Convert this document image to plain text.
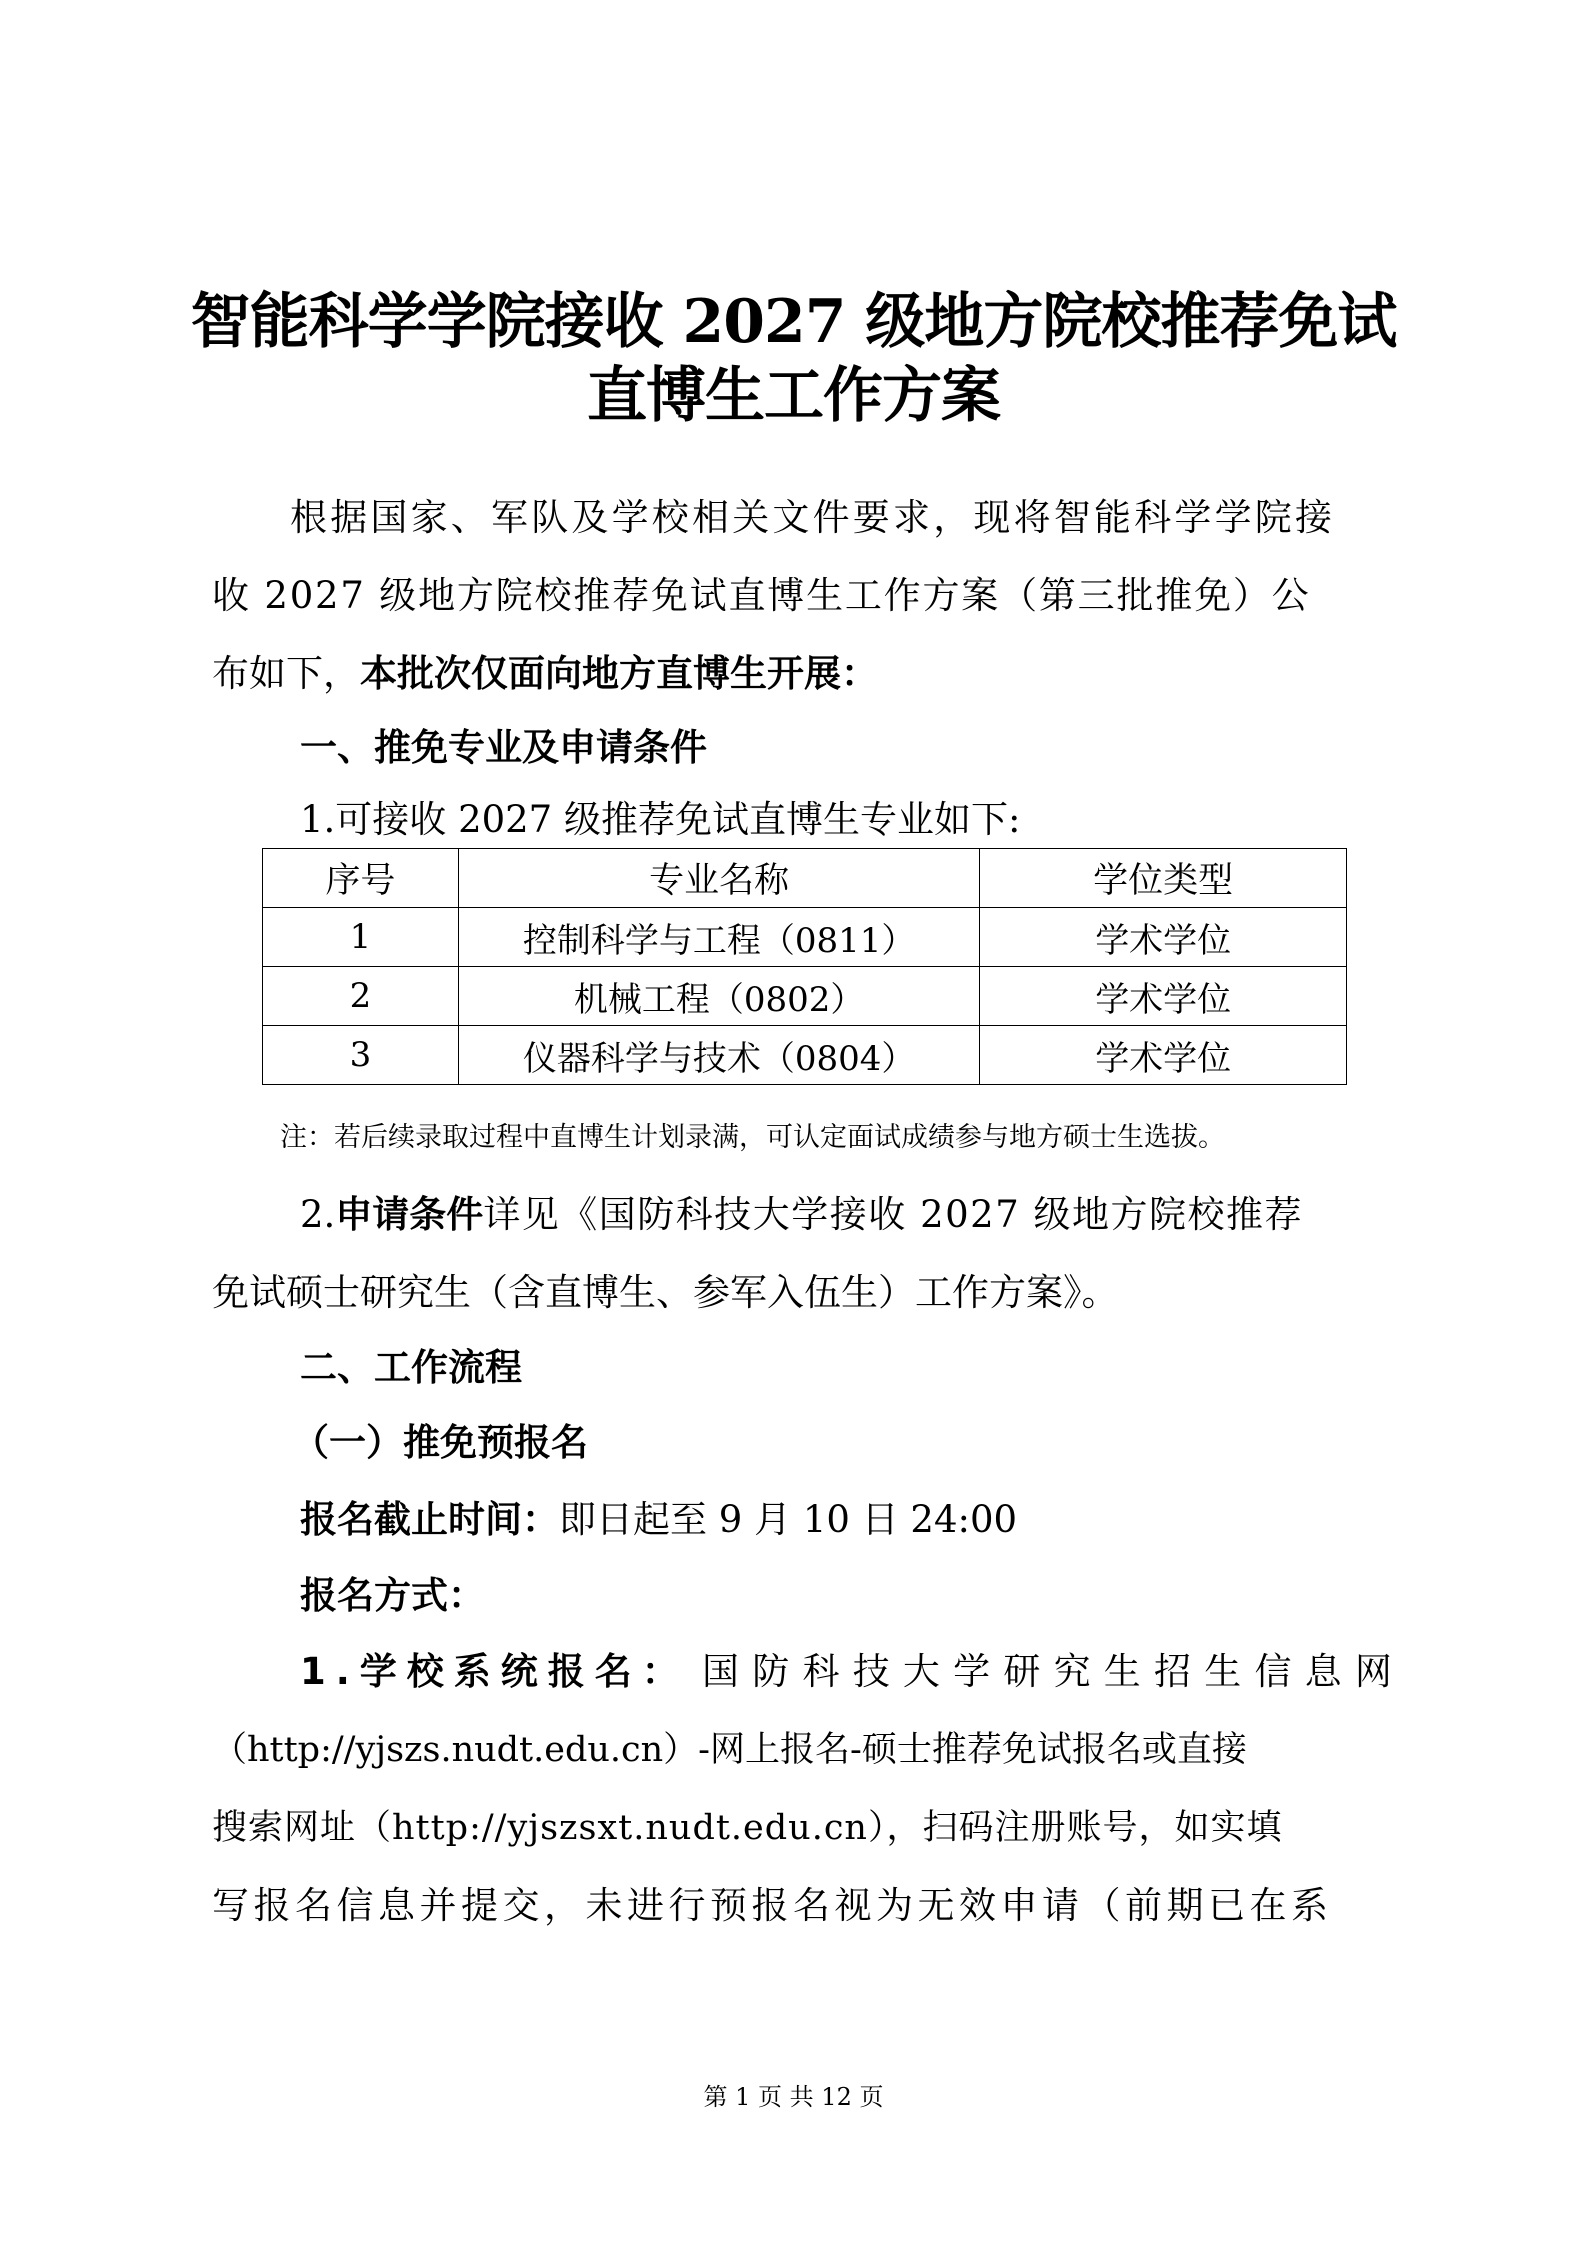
智能科学学院接收 2027 级地方院校推荐免试
直博生工作方案
根据国家、军队及学校相关文件要求，现将智能科学学院接
收 2027 级地方院校推荐免试直博生工作方案（第三批推免）公
布如下，本批次仅面向地方直博生开展：
一、推免专业及申请条件
1.可接收 2027 级推荐免试直博生专业如下:
序号	专业名称	学位类型
1	控制科学与工程（0811）	学术学位
2	机械工程（0802）	学术学位
3	仪器科学与技术（0804）	学术学位
注：若后续录取过程中直博生计划录满，可认定面试成绩参与地方硕士生选拔。
2.申请条件详见《国防科技大学接收 2027 级地方院校推荐
免试硕士研究生（含直博生、参军入伍生）工作方案》。
二、工作流程
（一）推免预报名
报名截止时间：即日起至 9 月 10 日 24:00
报名方式：
1.学校系统报名： 国 防 科 技 大 学 研 究 生 招 生 信 息 网
（http://yjszs.nudt.edu.cn）-网上报名-硕士推荐免试报名或直接
搜索网址（http://yjszsxt.nudt.edu.cn），扫码注册账号，如实填
写报名信息并提交，未进行预报名视为无效申请（前期已在系
第 1 页 共 12 页
